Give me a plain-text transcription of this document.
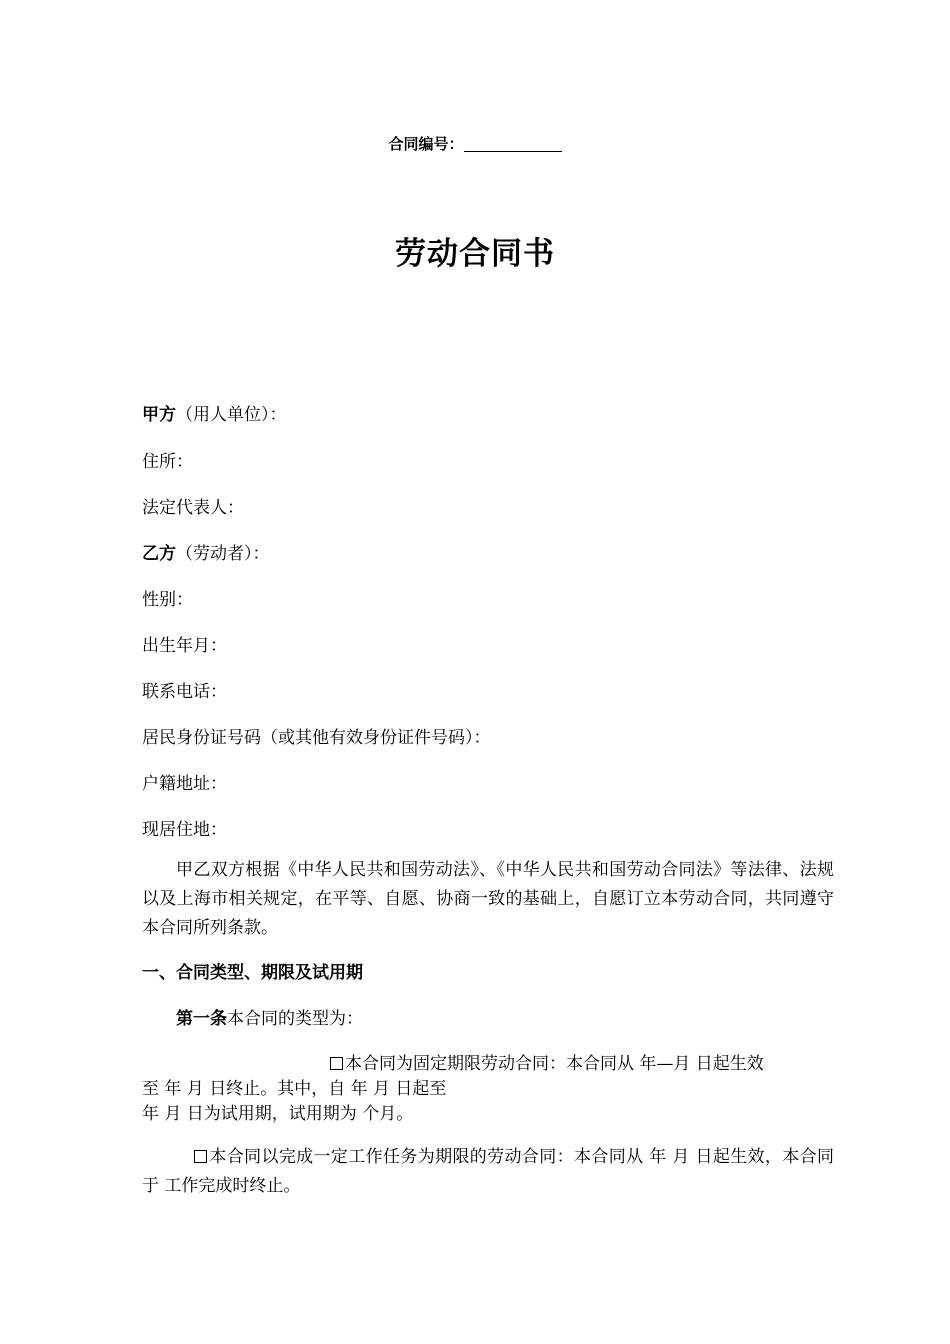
合同编号：
劳动合同书
甲方（用人单位）：
住所：
法定代表人：
乙方（劳动者）：
性别：
出生年月：
联系电话：
居民身份证号码（或其他有效身份证件号码）：
户籍地址：
现居住地：
甲乙双方根据《中华人民共和国劳动法》、《中华人民共和国劳动合同法》等法律、法规以及上海市相关规定，在平等、自愿、协商一致的基础上，自愿订立本劳动合同，共同遵守本合同所列条款。
一、合同类型、期限及试用期
第一条本合同的类型为：
本合同为固定期限劳动合同：本合同从 年—月 日起生效
至 年 月 日终止。其中，自 年 月 日起至
年 月 日为试用期，试用期为 个月。
本合同以完成一定工作任务为期限的劳动合同：本合同从 年 月 日起生效，本合同于 工作完成时终止。
